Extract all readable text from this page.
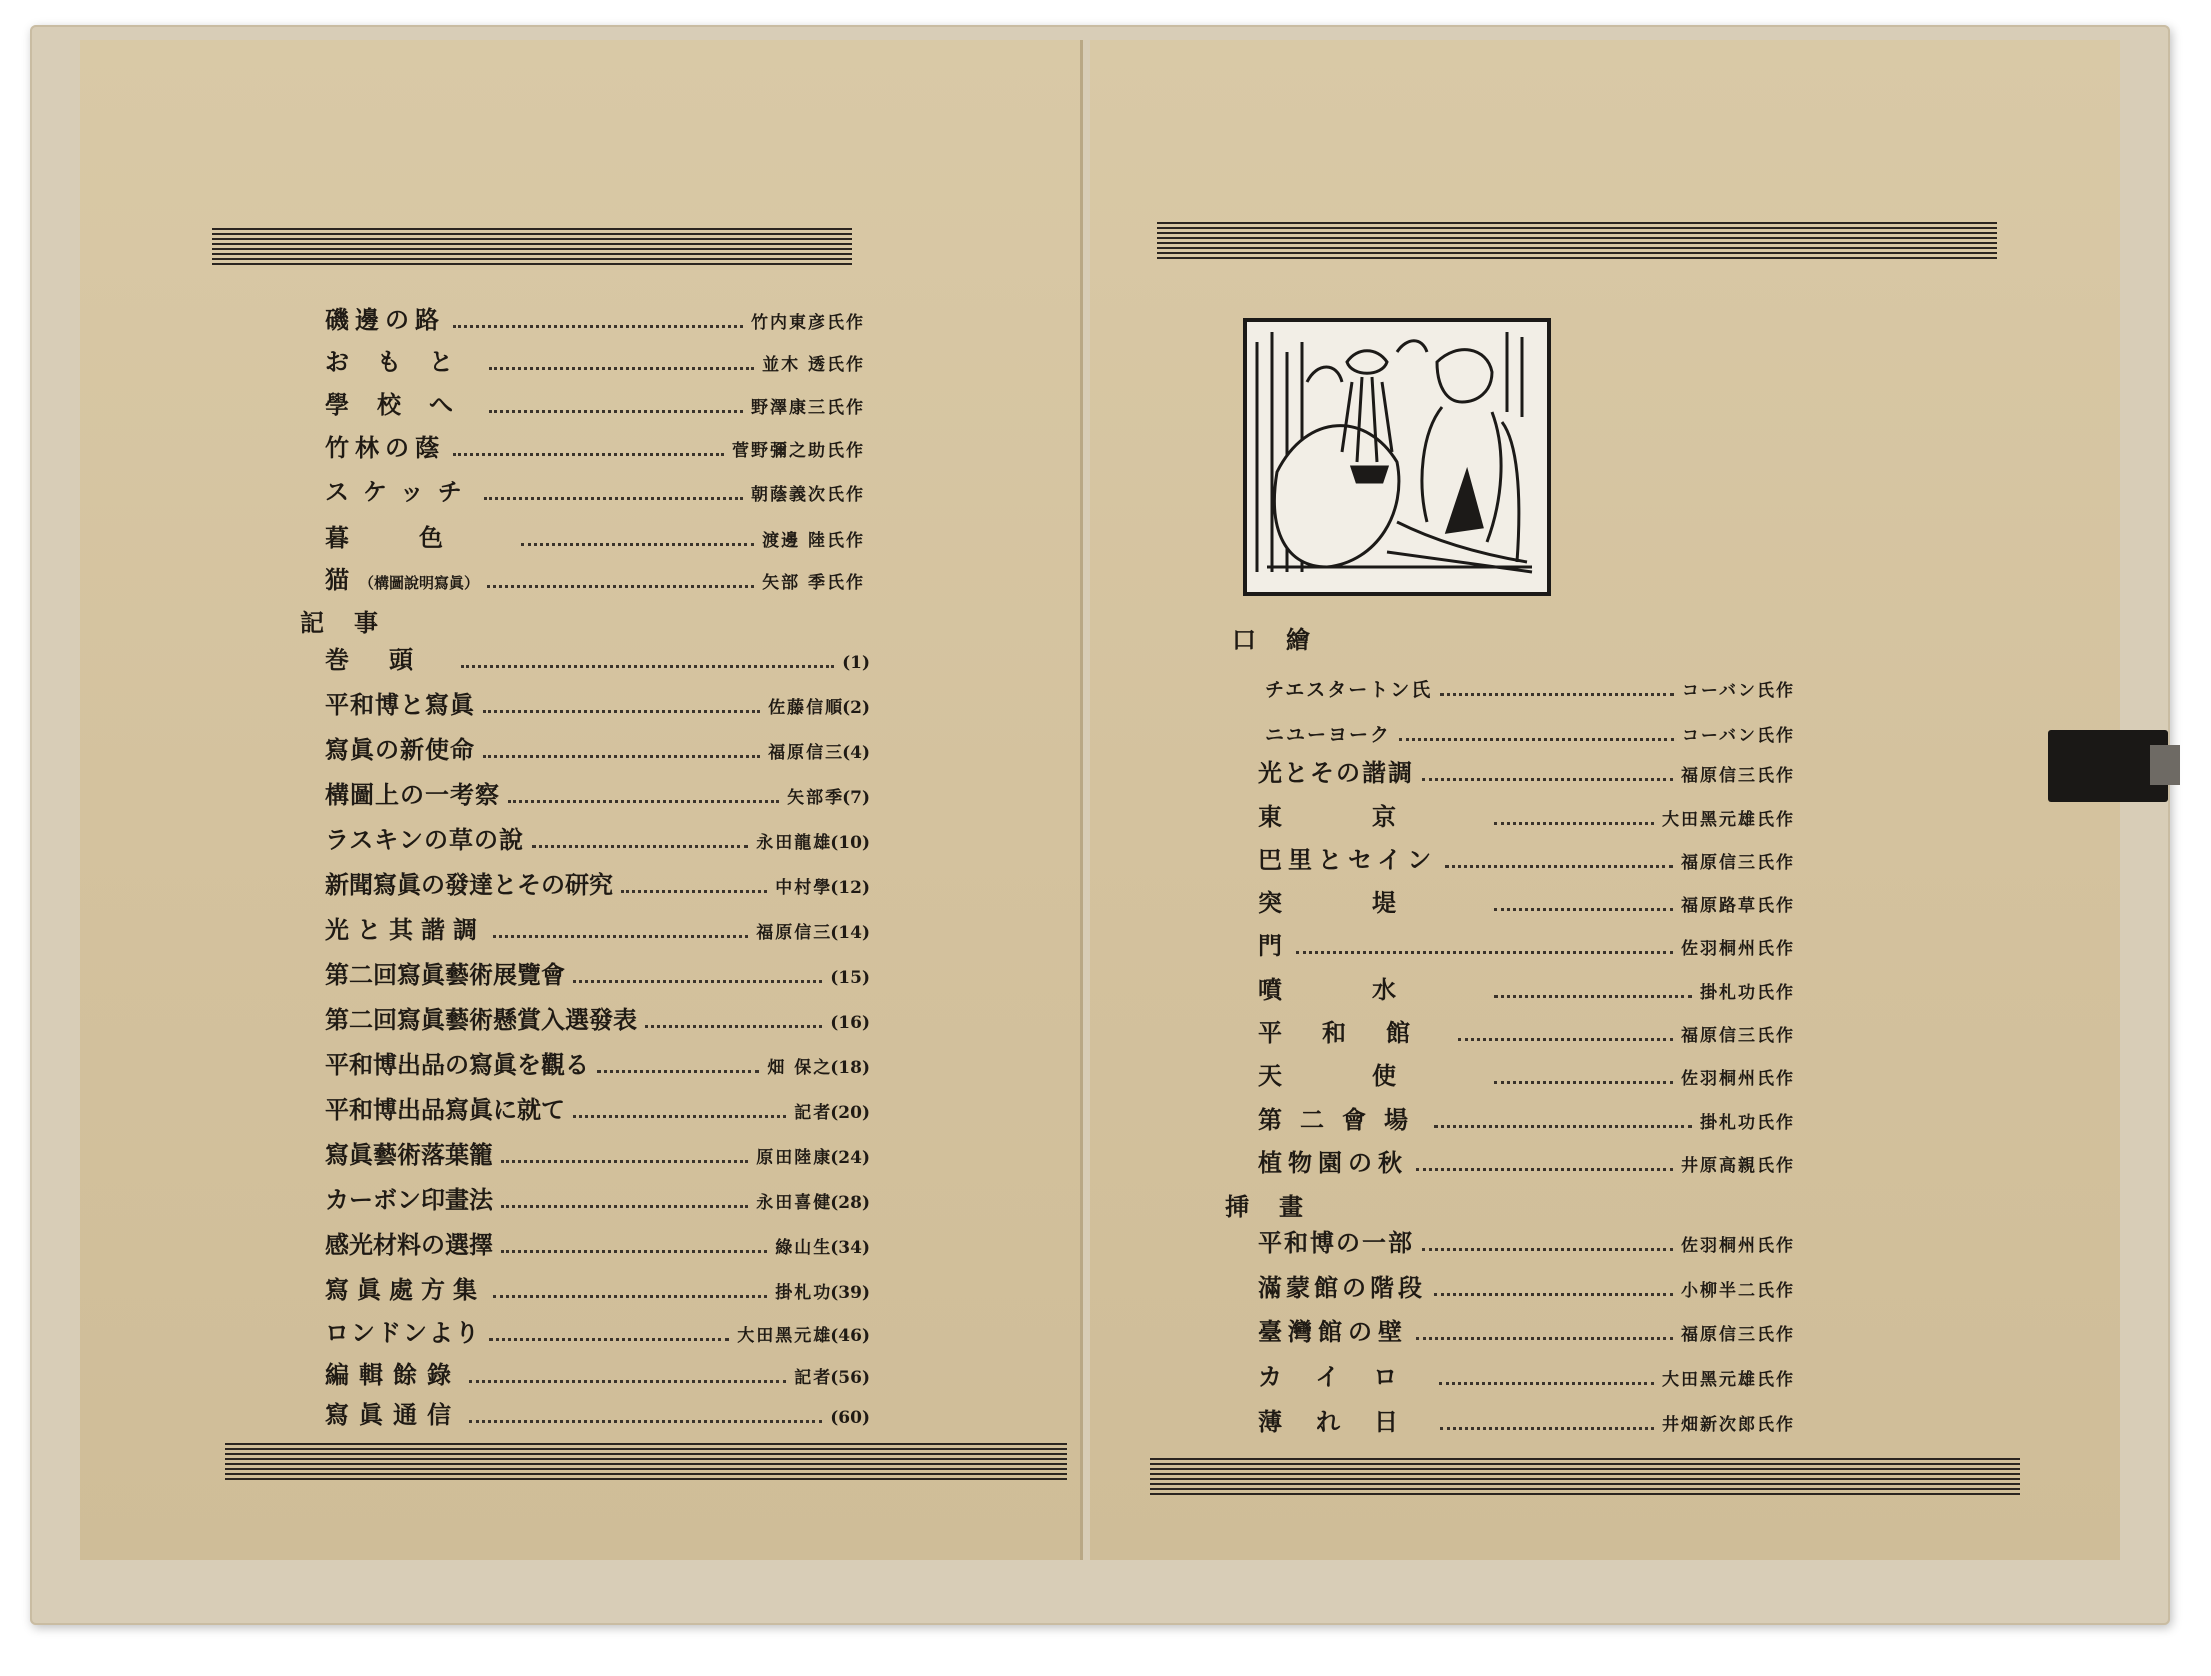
磯邊の路	竹内東彦氏作
おもと	並木 透氏作
學校へ	野澤康三氏作
竹林の蔭	菅野彌之助氏作
スケッチ	朝蔭義次氏作
暮色	渡邊 陸氏作
猫 （構圖說明寫眞）	矢部 季氏作
記事
巻頭	(1)
平和博と寫眞	佐藤信 順(2)
寫眞の新使命	福原信 三(4)
構圖上の一考察	矢部 季(7)
ラスキンの草の說	永田龍 雄(10)
新聞寫眞の發達とその研究	中村 學(12)
光と其諧調	福原信 三(14)
第二回寫眞藝術展覽會	(15)
第二回寫眞藝術懸賞入選發表	(16)
平和博出品の寫眞を觀る	畑 保 之(18)
平和博出品寫眞に就て	記 者(20)
寫眞藝術落葉籠	原田陸 康(24)
カーボン印畫法	永田喜 健(28)
感光材料の選擇	綠山 生(34)
寫眞處方集	掛札 功(39)
ロンドンより	大田黑元 雄(46)
編輯餘錄	記 者(56)
寫眞通信	(60)
口繪
チエスタートン氏	コーバン氏作
ニユーヨーク	コーバン氏作
光とその諧調	福原信三氏作
東京	大田黑元雄氏作
巴里とセイン	福原信三氏作
突堤	福原路草氏作
門	佐羽桐州氏作
噴水	掛札功氏作
平和館	福原信三氏作
天使	佐羽桐州氏作
第二會場	掛札功氏作
植物園の秋	井原高親氏作
挿畫
平和博の一部	佐羽桐州氏作
滿蒙館の階段	小柳半二氏作
臺灣館の壁	福原信三氏作
カイロ	大田黑元雄氏作
薄れ日	井畑新次郎氏作
